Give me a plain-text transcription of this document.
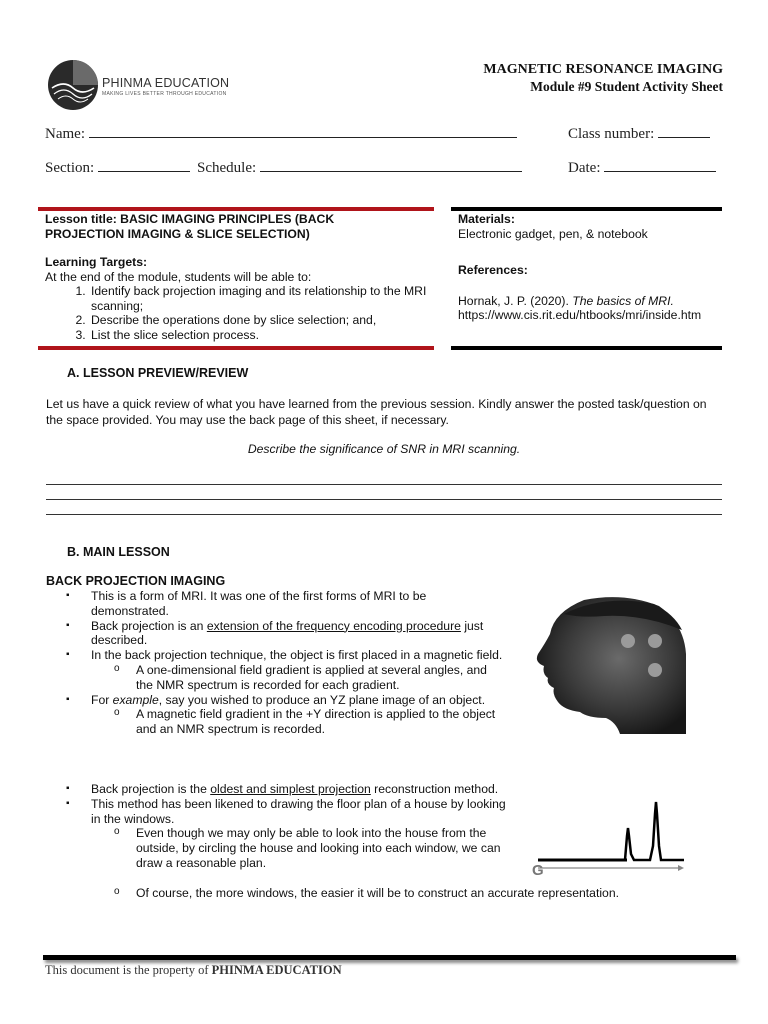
PHINMA EDUCATION
MAKING LIVES BETTER THROUGH EDUCATION
MAGNETIC RESONANCE IMAGING
Module #9 Student Activity Sheet
Name:	Class number:
Section:	Schedule:	Date:
Lesson title: BASIC IMAGING PRINCIPLES (BACK
PROJECTION IMAGING & SLICE SELECTION)
Learning Targets:
At the end of the module, students will be able to:
1. Identify back projection imaging and its relationship to the MRI scanning;
2. Describe the operations done by slice selection; and,
3. List the slice selection process.
Materials:
Electronic gadget, pen, & notebook
References:
Hornak, J. P. (2020). The basics of MRI.
https://www.cis.rit.edu/htbooks/mri/inside.htm
A. LESSON PREVIEW/REVIEW
Let us have a quick review of what you have learned from the previous session. Kindly answer the posted task/question on the space provided. You may use the back page of this sheet, if necessary.
Describe the significance of SNR in MRI scanning.
B. MAIN LESSON
BACK PROJECTION IMAGING
▪ This is a form of MRI. It was one of the first forms of MRI to be demonstrated.
▪ Back projection is an extension of the frequency encoding procedure just described.
▪ In the back projection technique, the object is first placed in a magnetic field.
o A one-dimensional field gradient is applied at several angles, and the NMR spectrum is recorded for each gradient.
▪ For example, say you wished to produce an YZ plane image of an object.
o A magnetic field gradient in the +Y direction is applied to the object and an NMR spectrum is recorded.
▪ Back projection is the oldest and simplest projection reconstruction method.
▪ This method has been likened to drawing the floor plan of a house by looking in the windows.
o Even though we may only be able to look into the house from the outside, by circling the house and looking into each window, we can draw a reasonable plan.
o Of course, the more windows, the easier it will be to construct an accurate representation.
G
This document is the property of PHINMA EDUCATION
